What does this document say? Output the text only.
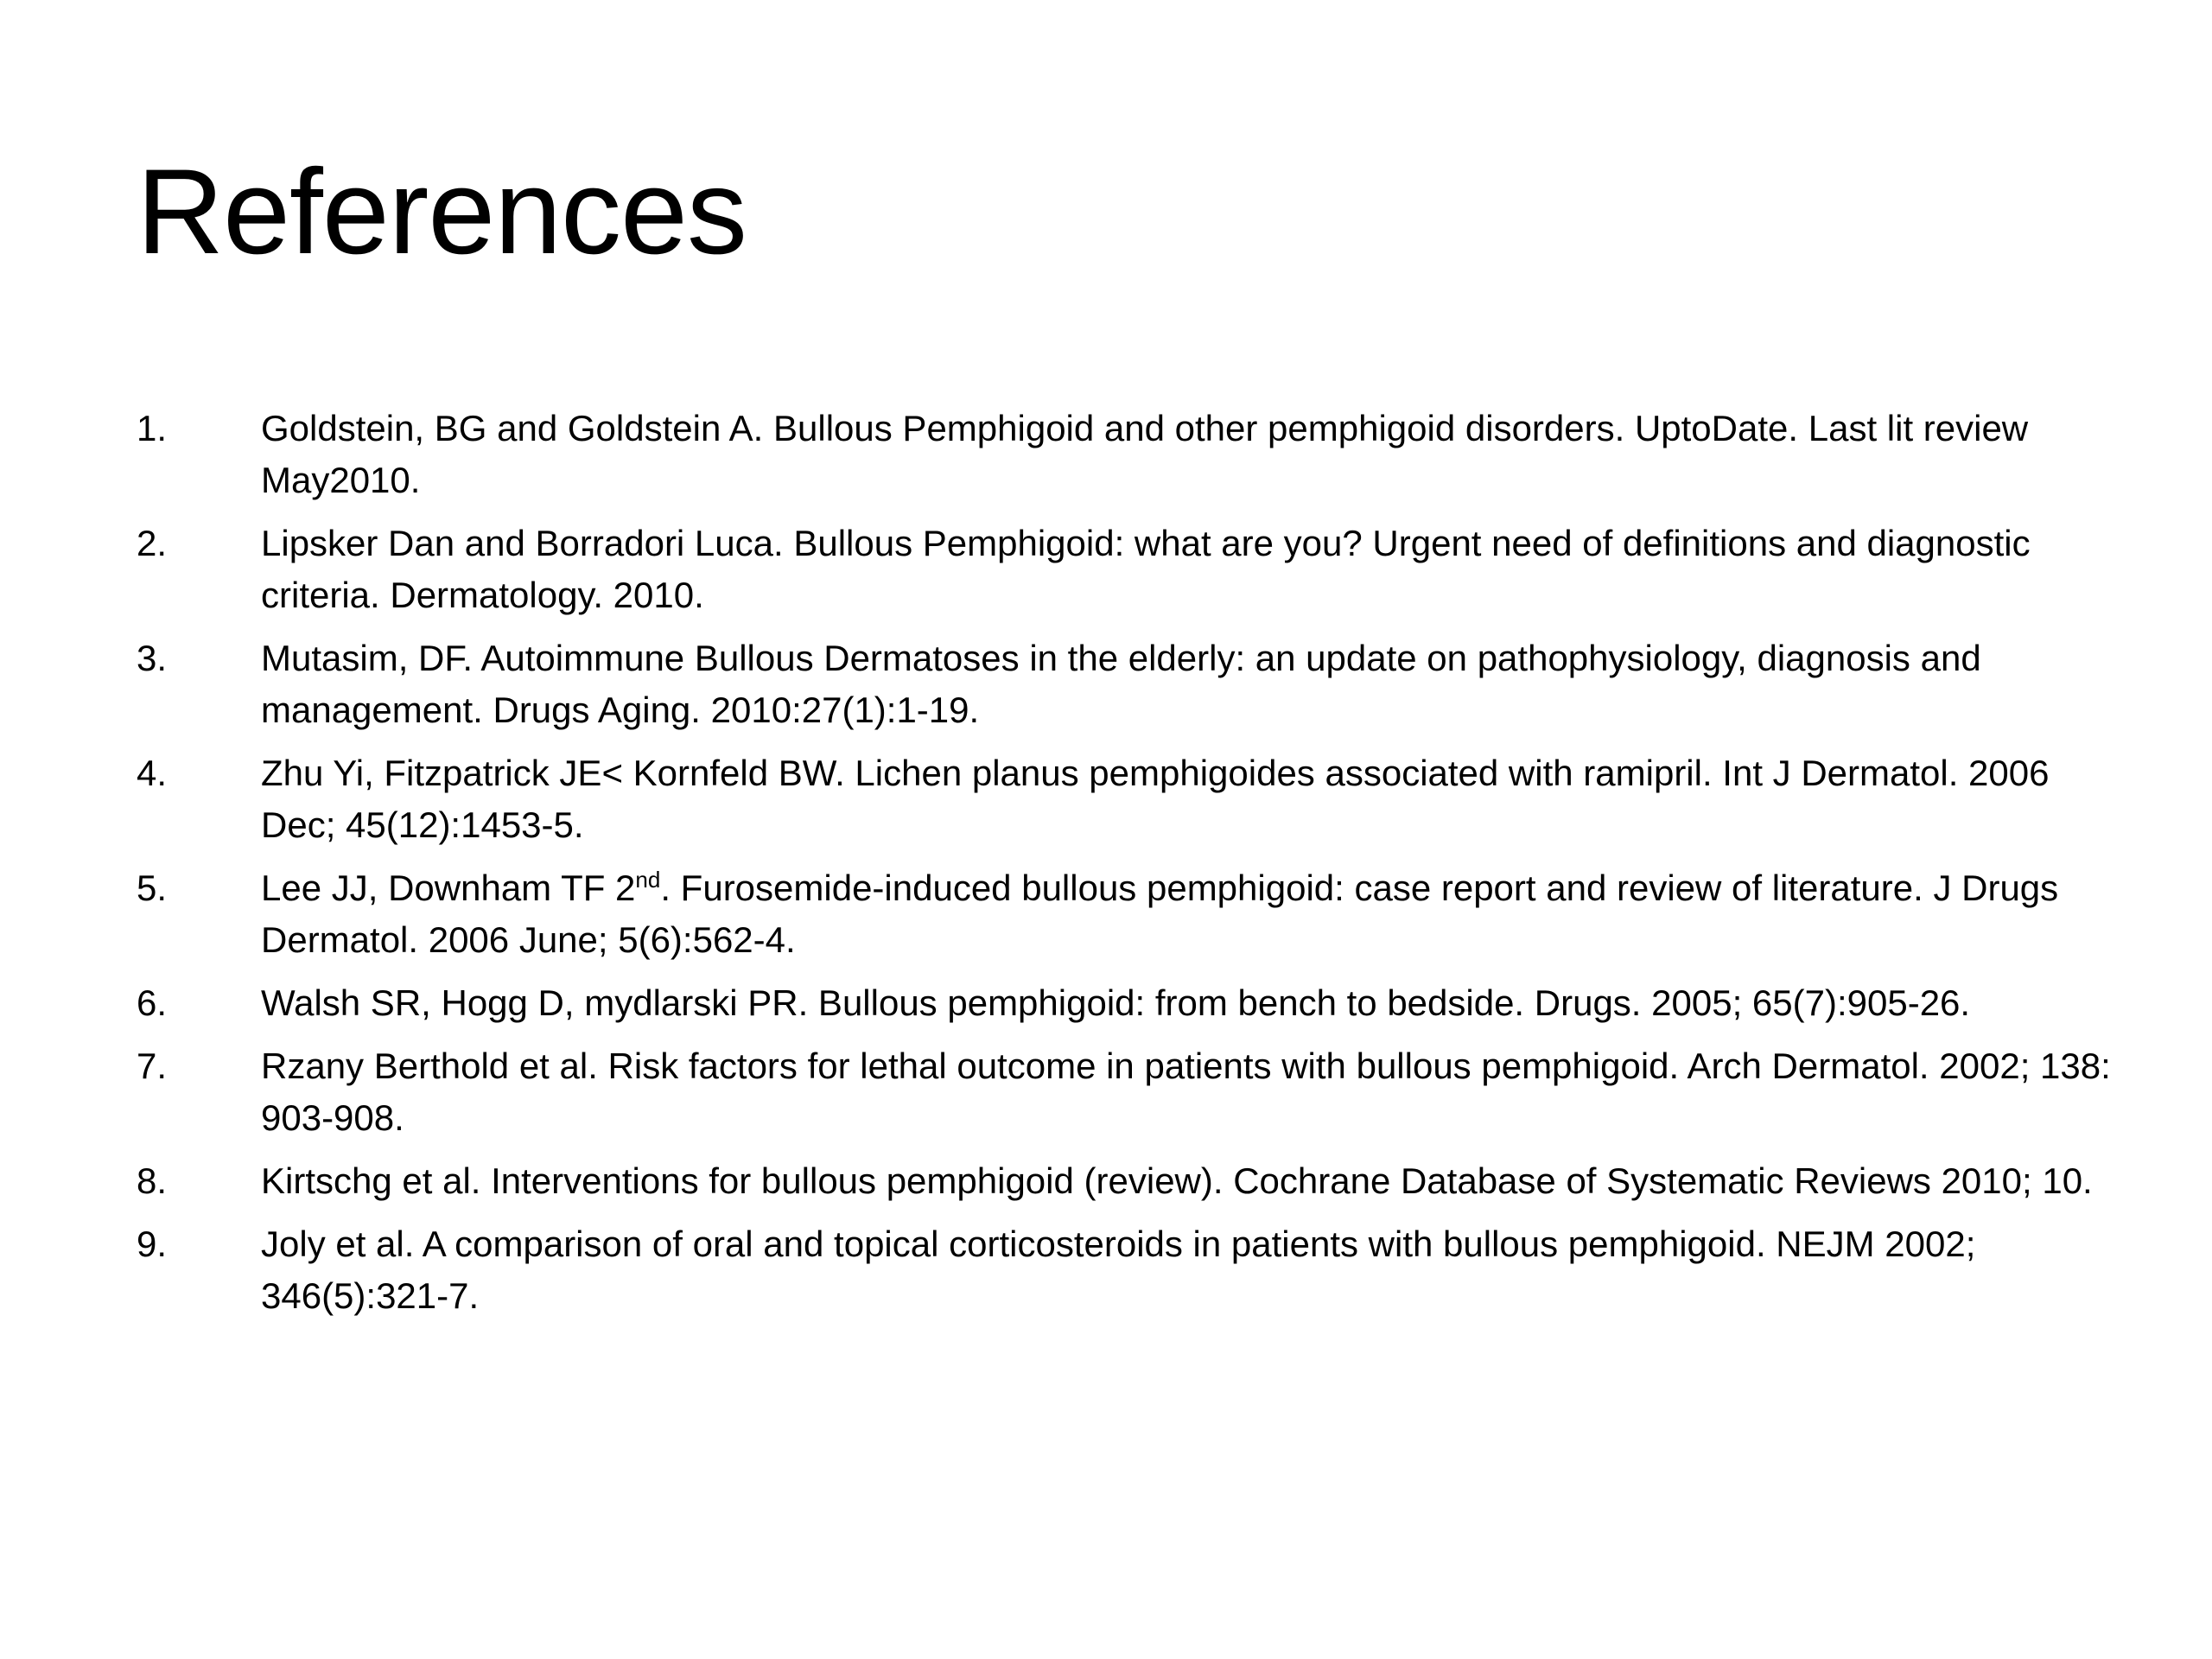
References
1.	Goldstein, BG and Goldstein A. Bullous Pemphigoid and other pemphigoid disorders. UptoDate. Last lit review May2010.
2.	Lipsker Dan and Borradori Luca. Bullous Pemphigoid: what are you? Urgent need of definitions and diagnostic criteria. Dermatology. 2010.
3.	Mutasim, DF. Autoimmune Bullous Dermatoses in the elderly: an update on pathophysiology, diagnosis and management. Drugs Aging. 2010:27(1):1-19.
4.	Zhu Yi, Fitzpatrick JE< Kornfeld BW. Lichen planus pemphigoides associated with ramipril. Int J Dermatol. 2006 Dec; 45(12):1453-5.
5.	Lee JJ, Downham TF 2nd. Furosemide-induced bullous pemphigoid: case report and review of literature. J Drugs Dermatol. 2006 June; 5(6):562-4.
6.	Walsh SR, Hogg D, mydlarski PR. Bullous pemphigoid: from bench to bedside. Drugs. 2005; 65(7):905-26.
7.	Rzany Berthold et al. Risk factors for lethal outcome in patients with bullous pemphigoid. Arch Dermatol. 2002; 138: 903-908.
8.	Kirtschg et al. Interventions for bullous pemphigoid (review). Cochrane Database of Systematic Reviews 2010; 10.
9.	Joly et al. A comparison of oral and topical corticosteroids in patients with bullous pemphigoid. NEJM 2002; 346(5):321-7.
